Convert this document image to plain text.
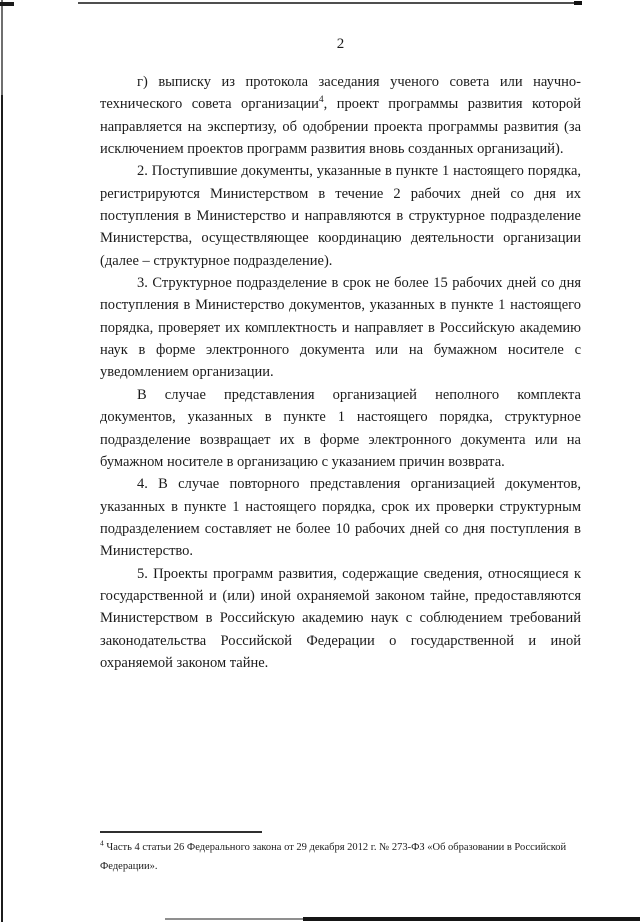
2

г) выписку из протокола заседания ученого совета или научно-технического совета организации$^4$, проект программы развития которой направляется на экспертизу, об одобрении проекта программы развития (за исключением проектов программ развития вновь созданных организаций).

2. Поступившие документы, указанные в пункте 1 настоящего порядка, регистрируются Министерством в течение 2 рабочих дней со дня их поступления в Министерство и направляются в структурное подразделение Министерства, осуществляющее координацию деятельности организации (далее – структурное подразделение).

3. Структурное подразделение в срок не более 15 рабочих дней со дня поступления в Министерство документов, указанных в пункте 1 настоящего порядка, проверяет их комплектность и направляет в Российскую академию наук в форме электронного документа или на бумажном носителе с уведомлением организации.

В случае представления организацией неполного комплекта документов, указанных в пункте 1 настоящего порядка, структурное подразделение возвращает их в форме электронного документа или на бумажном носителе в организацию с указанием причин возврата.

4. В случае повторного представления организацией документов, указанных в пункте 1 настоящего порядка, срок их проверки структурным подразделением составляет не более 10 рабочих дней со дня поступления в Министерство.

5. Проекты программ развития, содержащие сведения, относящиеся к государственной и (или) иной охраняемой законом тайне, предоставляются Министерством в Российскую академию наук с соблюдением требований законодательства Российской Федерации о государственной и иной охраняемой законом тайне.

$^4$ Часть 4 статьи 26 Федерального закона от 29 декабря 2012 г. № 273-ФЗ «Об образовании в Российской Федерации».
